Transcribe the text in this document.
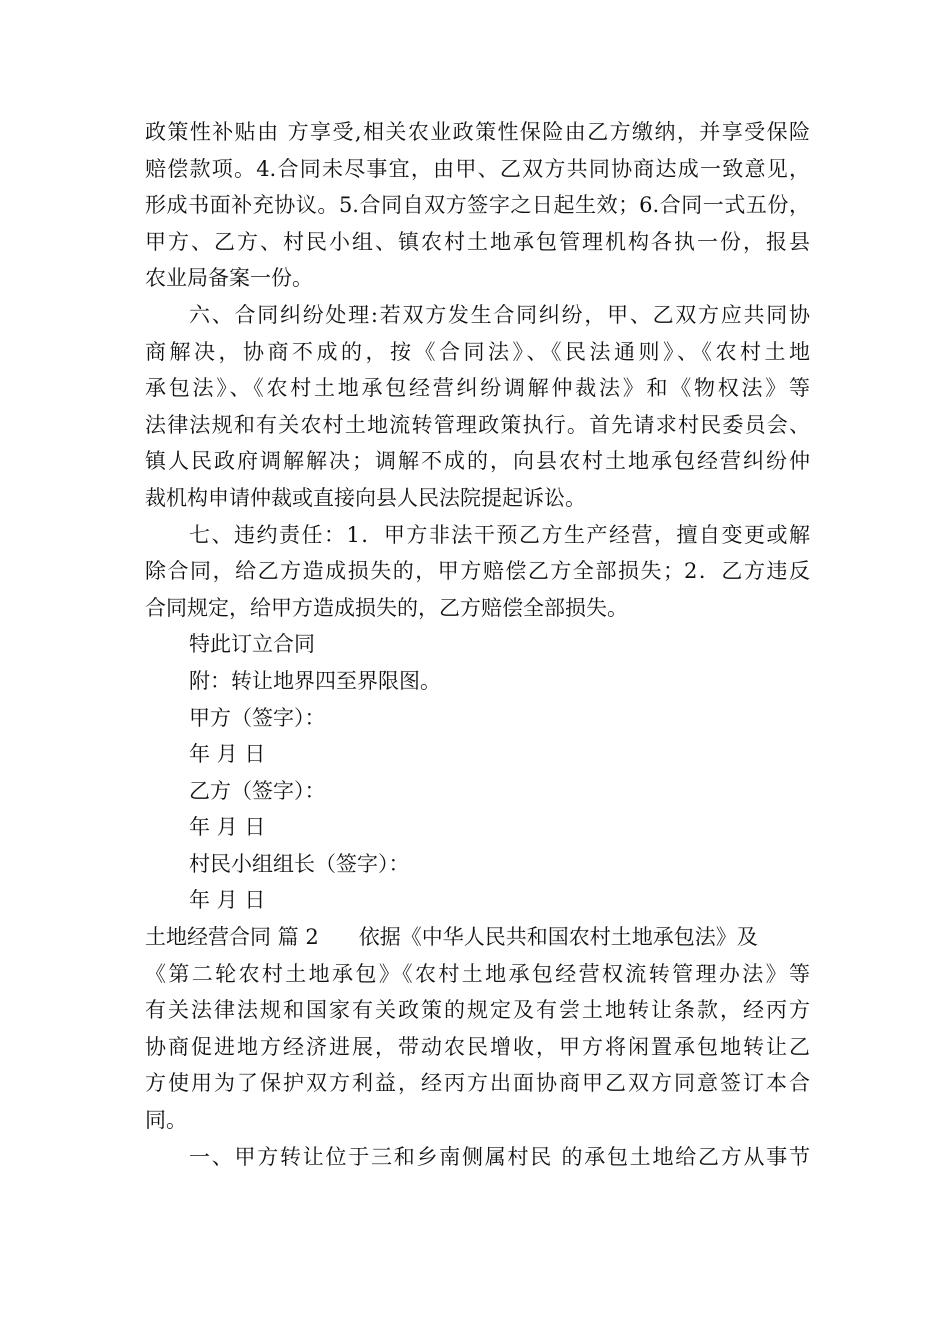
政策性补贴由 方享受,相关农业政策性保险由乙方缴纳，并享受保险
赔偿款项。4.合同未尽事宜，由甲、乙双方共同协商达成一致意见，
形成书面补充协议。5.合同自双方签字之日起生效；6.合同一式五份，
甲方、乙方、村民小组、镇农村土地承包管理机构各执一份，报县
农业局备案一份。
六、合同纠纷处理:若双方发生合同纠纷，甲、乙双方应共同协
商解决，协商不成的，按《合同法》、《民法通则》、《农村土地
承包法》、《农村土地承包经营纠纷调解仲裁法》和《物权法》等
法律法规和有关农村土地流转管理政策执行。首先请求村民委员会、
镇人民政府调解解决；调解不成的，向县农村土地承包经营纠纷仲
裁机构申请仲裁或直接向县人民法院提起诉讼。
七、违约责任：1．甲方非法干预乙方生产经营，擅自变更或解
除合同，给乙方造成损失的，甲方赔偿乙方全部损失；2．乙方违反
合同规定，给甲方造成损失的，乙方赔偿全部损失。
特此订立合同
附：转让地界四至界限图。
甲方（签字）：
年 月 日
乙方（签字）：
年 月 日
村民小组组长（签字）：
年 月 日
土地经营合同 篇 2 依据《中华人民共和国农村土地承包法》及
《第二轮农村土地承包》《农村土地承包经营权流转管理办法》等
有关法律法规和国家有关政策的规定及有尝土地转让条款，经丙方
协商促进地方经济进展，带动农民增收，甲方将闲置承包地转让乙
方使用为了保护双方利益，经丙方出面协商甲乙双方同意签订本合
同。
一、甲方转让位于三和乡南侧属村民 的承包土地给乙方从事节
